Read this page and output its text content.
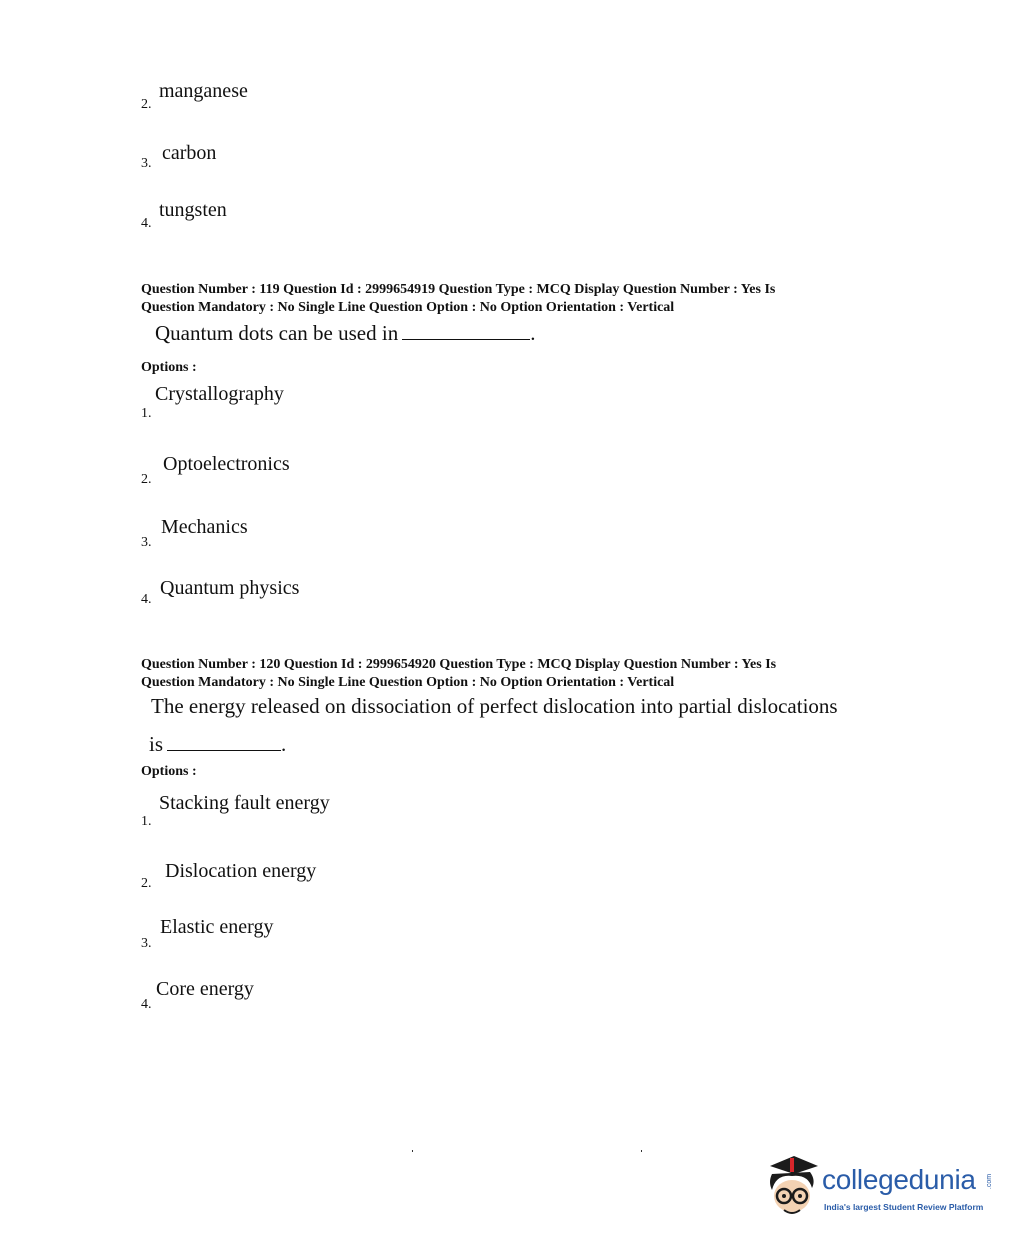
2.
manganese
3. carbon
4.
tungsten
Question Number : 119 Question Id : 2999654919 Question Type : MCQ Display Question Number : Yes Is
Question Mandatory : No Single Line Question Option : No Option Orientation : Vertical
Quantum dots can be used in	.
Options :
Crystallography
1.
2.
Optoelectronics
Mechanics
3.
4.
Quantum physics
Question Number : 120 Question Id : 2999654920 Question Type : MCQ Display Question Number : Yes Is
Question Mandatory : No Single Line Question Option : No Option Orientation : Vertical
The energy released on dissociation of perfect dislocation into partial dislocations
is	.
Options :
Stacking fault energy
1.
2.
Dislocation energy
Elastic energy
3.
4.
Core energy
collegedunia .com
India's largest Student Review Platform
